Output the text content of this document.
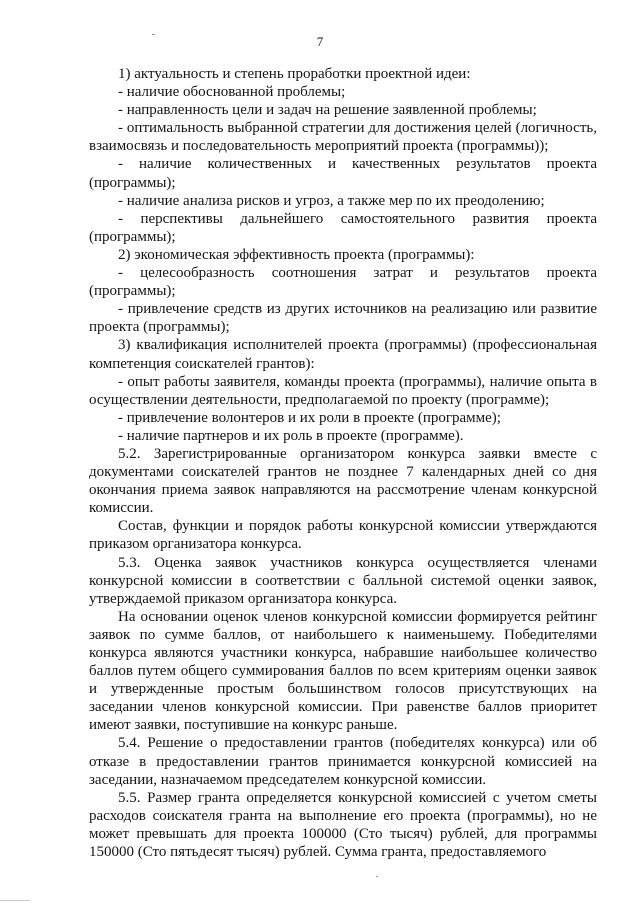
7

1) актуальность и степень проработки проектной идеи:

- наличие обоснованной проблемы;

- направленность цели и задач на решение заявленной проблемы;

- оптимальность выбранной стратегии для достижения целей (логичность, взаимосвязь и последовательность мероприятий проекта (программы));

- наличие количественных и качественных результатов проекта (программы);

- наличие анализа рисков и угроз, а также мер по их преодолению;

- перспективы дальнейшего самостоятельного развития проекта (программы);

2) экономическая эффективность проекта (программы):

- целесообразность соотношения затрат и результатов проекта (программы);

- привлечение средств из других источников на реализацию или развитие проекта (программы);

3) квалификация исполнителей проекта (программы) (профессиональная компетенция соискателей грантов):

- опыт работы заявителя, команды проекта (программы), наличие опыта в осуществлении деятельности, предполагаемой по проекту (программе);

- привлечение волонтеров и их роли в проекте (программе);

- наличие партнеров и их роль в проекте (программе).

5.2. Зарегистрированные организатором конкурса заявки вместе с документами соискателей грантов не позднее 7 календарных дней со дня окончания приема заявок направляются на рассмотрение членам конкурсной комиссии.

Состав, функции и порядок работы конкурсной комиссии утверждаются приказом организатора конкурса.

5.3. Оценка заявок участников конкурса осуществляется членами конкурсной комиссии в соответствии с балльной системой оценки заявок, утверждаемой приказом организатора конкурса.

На основании оценок членов конкурсной комиссии формируется рейтинг заявок по сумме баллов, от наибольшего к наименьшему. Победителями конкурса являются участники конкурса, набравшие наибольшее количество баллов путем общего суммирования баллов по всем критериям оценки заявок и утвержденные простым большинством голосов присутствующих на заседании членов конкурсной комиссии. При равенстве баллов приоритет имеют заявки, поступившие на конкурс раньше.

5.4. Решение о предоставлении грантов (победителях конкурса) или об отказе в предоставлении грантов принимается конкурсной комиссией на заседании, назначаемом председателем конкурсной комиссии.

5.5. Размер гранта определяется конкурсной комиссией с учетом сметы расходов соискателя гранта на выполнение его проекта (программы), но не может превышать для проекта 100000 (Сто тысяч) рублей, для программы 150000 (Сто пятьдесят тысяч) рублей. Сумма гранта, предоставляемого
